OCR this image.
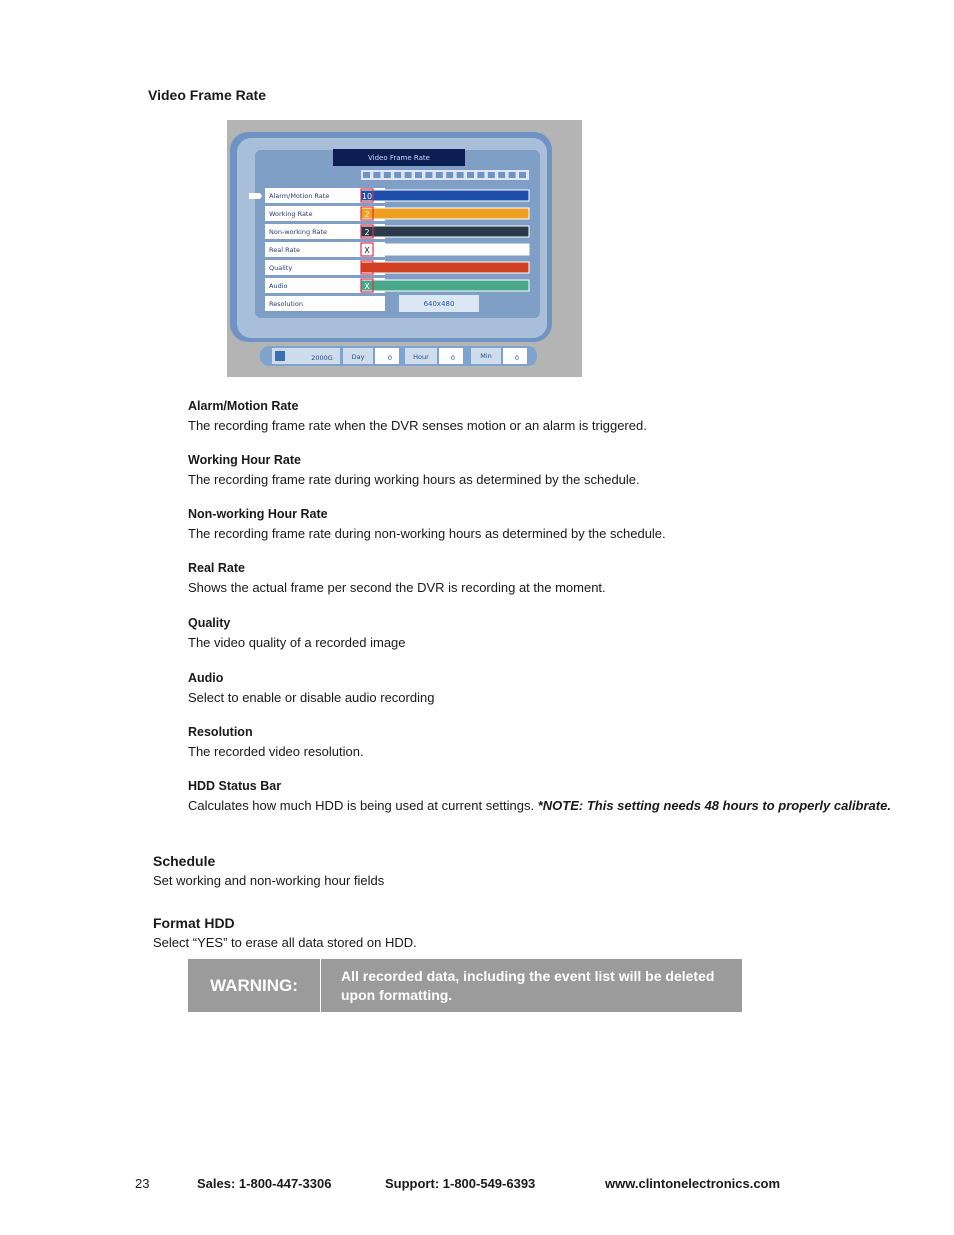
Video Frame Rate
Video Frame Rate
Alarm/Motion Rate	10
Working Rate	2
Non-working Rate	2
Real Rate	X
Quality
Audio	X
Resolution	640x480
2000G	Day	0	Hour	0	Min	0
Alarm/Motion Rate
The recording frame rate when the DVR senses motion or an alarm is triggered.
Working Hour Rate
The recording frame rate during working hours as determined by the schedule.
Non-working Hour Rate
The recording frame rate during non-working hours as determined by the schedule.
Real Rate
Shows the actual frame per second the DVR is recording at the moment.
Quality
The video quality of a recorded image
Audio
Select to enable or disable audio recording
Resolution
The recorded video resolution.
HDD Status Bar
Calculates how much HDD is being used at current settings. *NOTE: This setting needs 48 hours to properly calibrate.
Schedule
Set working and non-working hour fields
Format HDD
Select “YES” to erase all data stored on HDD.
WARNING:	All recorded data, including the event list will be deleted upon formatting.
23	Sales: 1-800-447-3306	Support: 1-800-549-6393	www.clintonelectronics.com
